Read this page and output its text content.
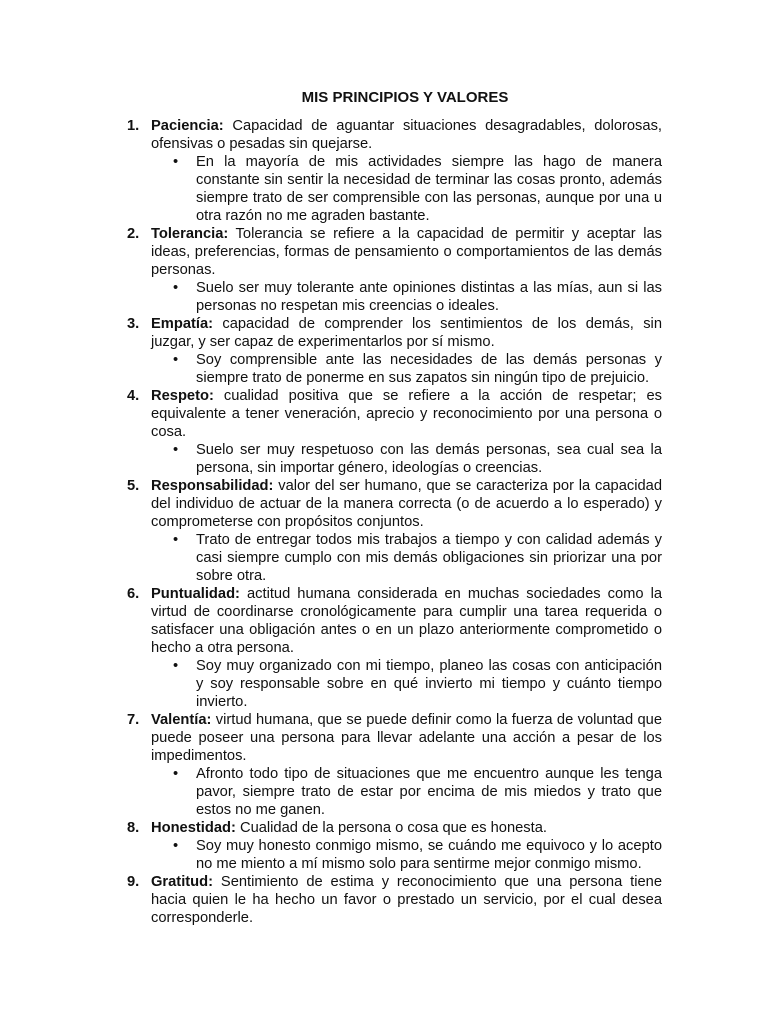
MIS PRINCIPIOS Y VALORES
1. Paciencia: Capacidad de aguantar situaciones desagradables, dolorosas, ofensivas o pesadas sin quejarse.

• En la mayoría de mis actividades siempre las hago de manera constante sin sentir la necesidad de terminar las cosas pronto, además siempre trato de ser comprensible con las personas, aunque por una u otra razón no me agraden bastante.
2. Tolerancia: Tolerancia se refiere a la capacidad de permitir y aceptar las ideas, preferencias, formas de pensamiento o comportamientos de las demás personas.

• Suelo ser muy tolerante ante opiniones distintas a las mías, aun si las personas no respetan mis creencias o ideales.
3. Empatía: capacidad de comprender los sentimientos de los demás, sin juzgar, y ser capaz de experimentarlos por sí mismo.

• Soy comprensible ante las necesidades de las demás personas y siempre trato de ponerme en sus zapatos sin ningún tipo de prejuicio.
4. Respeto: cualidad positiva que se refiere a la acción de respetar; es equivalente a tener veneración, aprecio y reconocimiento por una persona o cosa.

• Suelo ser muy respetuoso con las demás personas, sea cual sea la persona, sin importar género, ideologías o creencias.
5. Responsabilidad: valor del ser humano, que se caracteriza por la capacidad del individuo de actuar de la manera correcta (o de acuerdo a lo esperado) y comprometerse con propósitos conjuntos.

• Trato de entregar todos mis trabajos a tiempo y con calidad además y casi siempre cumplo con mis demás obligaciones sin priorizar una por sobre otra.
6. Puntualidad: actitud humana considerada en muchas sociedades como la virtud de coordinarse cronológicamente para cumplir una tarea requerida o satisfacer una obligación antes o en un plazo anteriormente comprometido o hecho a otra persona.

• Soy muy organizado con mi tiempo, planeo las cosas con anticipación y soy responsable sobre en qué invierto mi tiempo y cuánto tiempo invierto.
7. Valentía: virtud humana, que se puede definir como la fuerza de voluntad que puede poseer una persona para llevar adelante una acción a pesar de los impedimentos.

• Afronto todo tipo de situaciones que me encuentro aunque les tenga pavor, siempre trato de estar por encima de mis miedos y trato que estos no me ganen.
8. Honestidad: Cualidad de la persona o cosa que es honesta.

• Soy muy honesto conmigo mismo, se cuándo me equivoco y lo acepto no me miento a mí mismo solo para sentirme mejor conmigo mismo.
9. Gratitud: Sentimiento de estima y reconocimiento que una persona tiene hacia quien le ha hecho un favor o prestado un servicio, por el cual desea corresponderle.
